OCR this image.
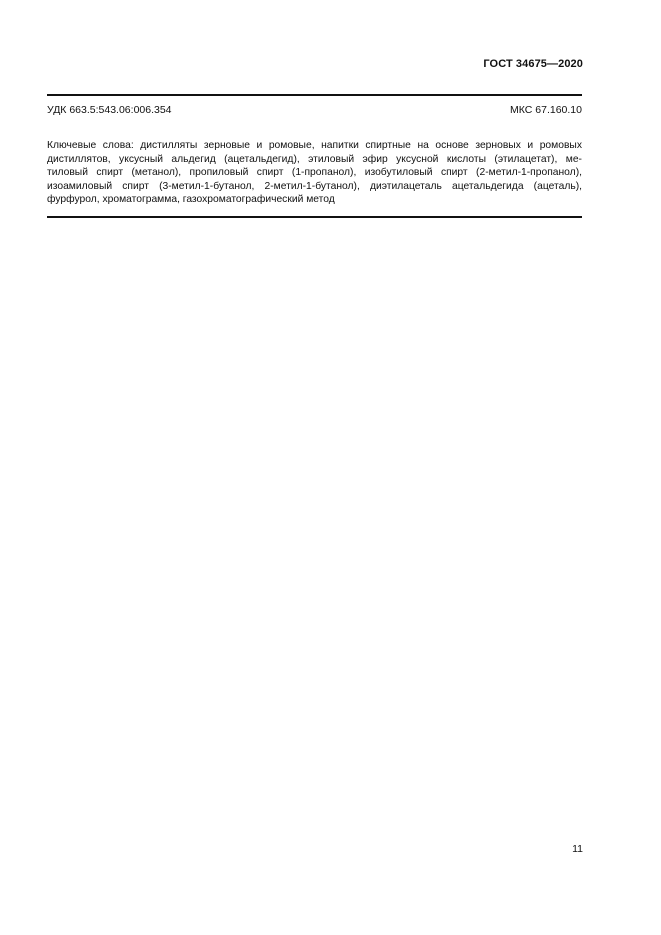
ГОСТ 34675—2020
УДК 663.5:543.06:006.354	МКС 67.160.10
Ключевые слова: дистилляты зерновые и ромовые, напитки спиртные на основе зерновых и ромовых
дистиллятов, уксусный альдегид (ацетальдегид), этиловый эфир уксусной кислоты (этилацетат), ме-
тиловый спирт (метанол), пропиловый спирт (1-пропанол), изобутиловый спирт (2-метил-1-пропанол),
изоамиловый спирт (3-метил-1-бутанол, 2-метил-1-бутанол), диэтилацеталь ацетальдегида (ацеталь),
фурфурол, хроматограмма, газохроматографический метод
11
